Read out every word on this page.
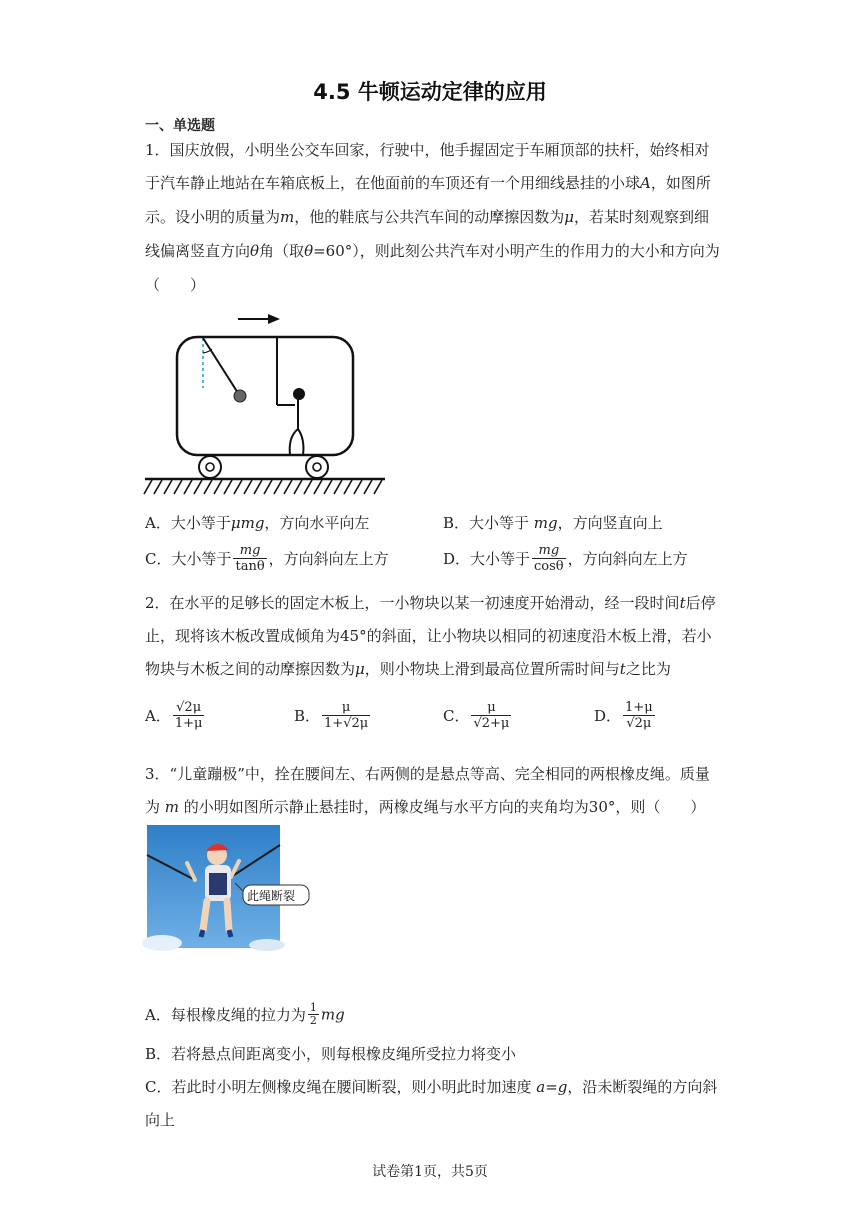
4.5 牛顿运动定律的应用
一、单选题
1．国庆放假，小明坐公交车回家，行驶中，他手握固定于车厢顶部的扶杆，始终相对
于汽车静止地站在车箱底板上，在他面前的车顶还有一个用细线悬挂的小球A，如图所
示。设小明的质量为m，他的鞋底与公共汽车间的动摩擦因数为μ，若某时刻观察到细
线偏离竖直方向θ角（取θ=60°），则此刻公共汽车对小明产生的作用力的大小和方向为
（　　）
A．大小等于μmg，方向水平向左	B．大小等于 mg，方向竖直向上
C．大小等于 $\frac{mg}{\tan\theta}$ ，方向斜向左上方	D．大小等于 $\frac{mg}{\cos\theta}$ ，方向斜向左上方
2．在水平的足够长的固定木板上，一小物块以某一初速度开始滑动，经一段时间t后停
止，现将该木板改置成倾角为45°的斜面，让小物块以相同的初速度沿木板上滑，若小
物块与木板之间的动摩擦因数为μ，则小物块上滑到最高位置所需时间与t之比为
A． $\frac{√2\mu}{1+\mu}$	B． $\frac{\mu}{1+√2\mu}$	C． $\frac{\mu}{√2+\mu}$	D． $\frac{1+\mu}{√2\mu}$
3．“儿童蹦极”中，拴在腰间左、右两侧的是悬点等高、完全相同的两根橡皮绳。质量
为 m 的小明如图所示静止悬挂时，两橡皮绳与水平方向的夹角均为30°，则（　　）
此绳断裂
A．每根橡皮绳的拉力为 $\frac{1}{2}$ mg
B．若将悬点间距离变小，则每根橡皮绳所受拉力将变小
C．若此时小明左侧橡皮绳在腰间断裂，则小明此时加速度 a=g，沿未断裂绳的方向斜
向上
试卷第1页，共5页
